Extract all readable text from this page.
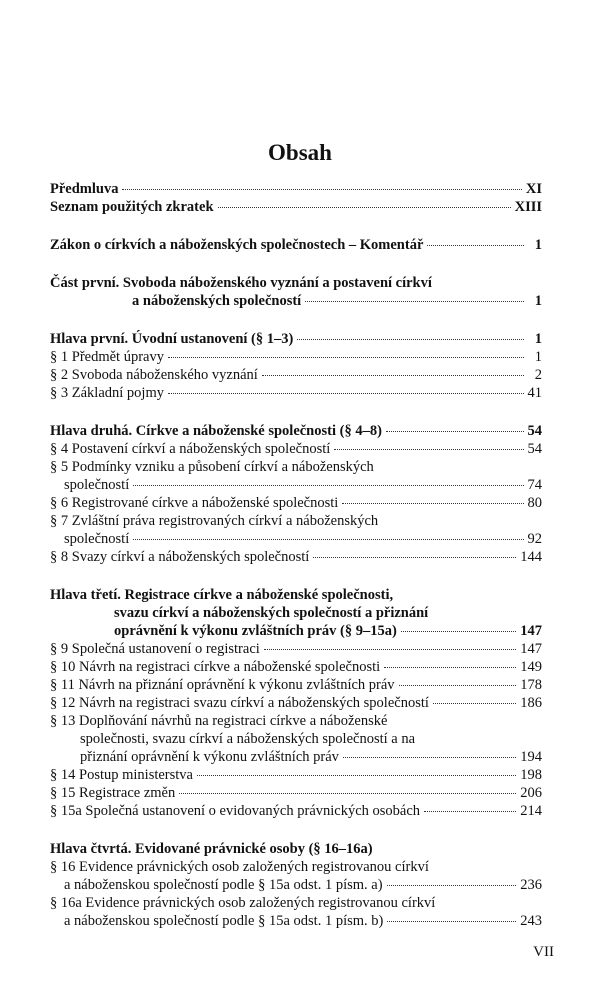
Obsah
Předmluva	XI
Seznam použitých zkratek	XIII
Zákon o církvích a náboženských společnostech – Komentář	1
Část první. Svoboda náboženského vyznání a postavení církví
a náboženských společností	1
Hlava první. Úvodní ustanovení (§ 1–3)	1
§ 1 Předmět úpravy	1
§ 2 Svoboda náboženského vyznání	2
§ 3 Základní pojmy	41
Hlava druhá. Církve a náboženské společnosti (§ 4–8)	54
§ 4 Postavení církví a náboženských společností	54
§ 5 Podmínky vzniku a působení církví a náboženských
společností	74
§ 6 Registrované církve a náboženské společnosti	80
§ 7 Zvláštní práva registrovaných církví a náboženských
společností	92
§ 8 Svazy církví a náboženských společností	144
Hlava třetí. Registrace církve a náboženské společnosti,
svazu církví a náboženských společností a přiznání
oprávnění k výkonu zvláštních práv (§ 9–15a)	147
§ 9 Společná ustanovení o registraci	147
§ 10 Návrh na registraci církve a náboženské společnosti	149
§ 11 Návrh na přiznání oprávnění k výkonu zvláštních práv	178
§ 12 Návrh na registraci svazu církví a náboženských společností	186
§ 13 Doplňování návrhů na registraci církve a náboženské
společnosti, svazu církví a náboženských společností a na
přiznání oprávnění k výkonu zvláštních práv	194
§ 14 Postup ministerstva	198
§ 15 Registrace změn	206
§ 15a Společná ustanovení o evidovaných právnických osobách	214
Hlava čtvrtá. Evidované právnické osoby (§ 16–16a)
§ 16 Evidence právnických osob založených registrovanou církví
a náboženskou společností podle § 15a odst. 1 písm. a)	236
§ 16a Evidence právnických osob založených registrovanou církví
a náboženskou společností podle § 15a odst. 1 písm. b)	243
VII
